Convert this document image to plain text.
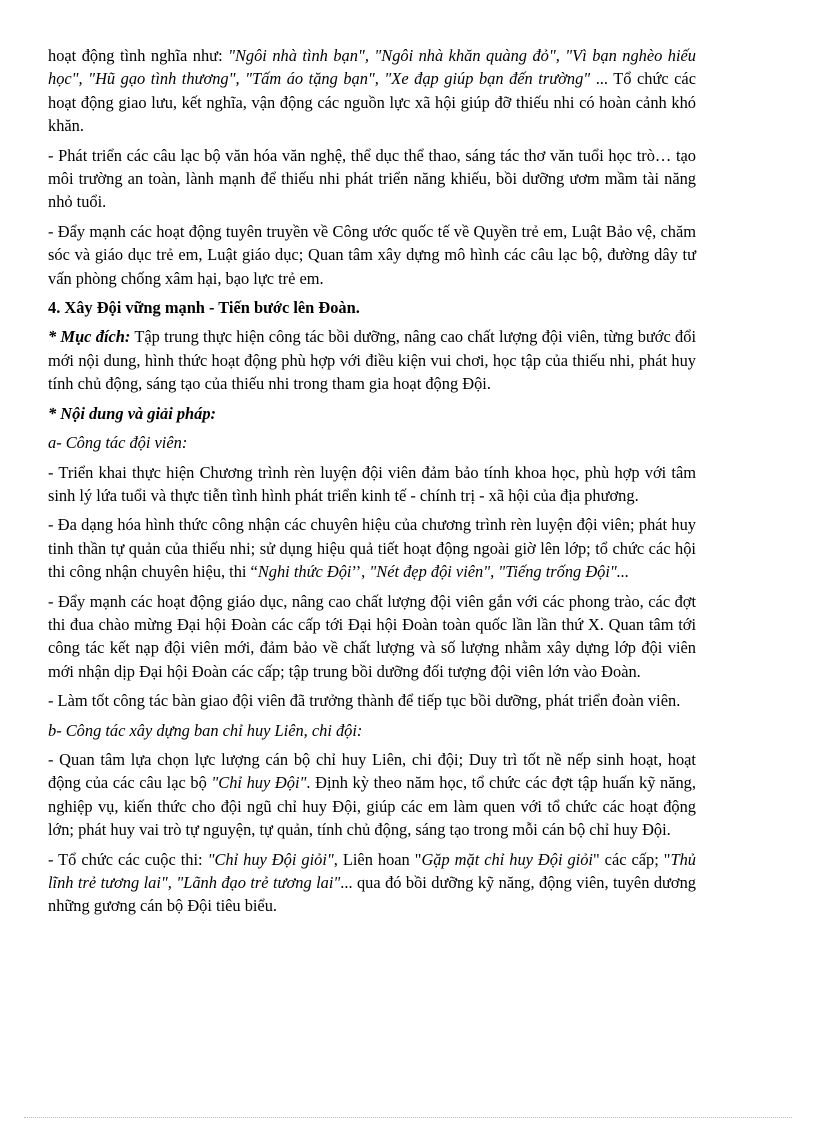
hoạt động tình nghĩa như: "Ngôi nhà tình bạn", "Ngôi nhà khăn quàng đỏ", "Vì bạn nghèo hiếu học", "Hũ gạo tình thương", "Tấm áo tặng bạn", "Xe đạp giúp bạn đến trường" ... Tổ chức các hoạt động giao lưu, kết nghĩa, vận động các nguồn lực xã hội giúp đỡ thiếu nhi có hoàn cảnh khó khăn.

- Phát triển các câu lạc bộ văn hóa văn nghệ, thể dục thể thao, sáng tác thơ văn tuổi học trò… tạo môi trường an toàn, lành mạnh để thiếu nhi phát triển năng khiếu, bồi dưỡng ươm mầm tài năng nhỏ tuổi.

- Đẩy mạnh các hoạt động tuyên truyền về Công ước quốc tế về Quyền trẻ em, Luật Bảo vệ, chăm sóc và giáo dục trẻ em, Luật giáo dục; Quan tâm xây dựng mô hình các câu lạc bộ, đường dây tư vấn phòng chống xâm hại, bạo lực trẻ em.

4. Xây Đội vững mạnh - Tiến bước lên Đoàn.

* Mục đích: Tập trung thực hiện công tác bồi dưỡng, nâng cao chất lượng đội viên, từng bước đổi mới nội dung, hình thức hoạt động phù hợp với điều kiện vui chơi, học tập của thiếu nhi, phát huy tính chủ động, sáng tạo của thiếu nhi trong tham gia hoạt động Đội.

* Nội dung và giải pháp:

a- Công tác đội viên:

- Triển khai thực hiện Chương trình rèn luyện đội viên đảm bảo tính khoa học, phù hợp với tâm sinh lý lứa tuổi và thực tiễn tình hình phát triển kinh tế - chính trị - xã hội của địa phương.

- Đa dạng hóa hình thức công nhận các chuyên hiệu của chương trình rèn luyện đội viên; phát huy tinh thần tự quản của thiếu nhi; sử dụng hiệu quả tiết hoạt động ngoài giờ lên lớp; tổ chức các hội thi công nhận chuyên hiệu, thi “Nghi thức Đội’’, "Nét đẹp đội viên", "Tiếng trống Đội"...

- Đẩy mạnh các hoạt động giáo dục, nâng cao chất lượng đội viên gắn với các phong trào, các đợt thi đua chào mừng Đại hội Đoàn các cấp tới Đại hội Đoàn toàn quốc lần lần thứ X. Quan tâm tới công tác kết nạp đội viên mới, đảm bảo về chất lượng và số lượng nhằm xây dựng lớp đội viên mới nhận dịp Đại hội Đoàn các cấp; tập trung bồi dưỡng đối tượng đội viên lớn vào Đoàn.

- Làm tốt công tác bàn giao đội viên đã trưởng thành để tiếp tục bồi dưỡng, phát triển đoàn viên.

b- Công tác xây dựng ban chỉ huy Liên, chi đội:

- Quan tâm lựa chọn lực lượng cán bộ chỉ huy Liên, chi đội; Duy trì tốt nề nếp sinh hoạt, hoạt động của các câu lạc bộ "Chỉ huy Đội". Định kỳ theo năm học, tổ chức các đợt tập huấn kỹ năng, nghiệp vụ, kiến thức cho đội ngũ chỉ huy Đội, giúp các em làm quen với tổ chức các hoạt động lớn; phát huy vai trò tự nguyện, tự quản, tính chủ động, sáng tạo trong mỗi cán bộ chỉ huy Đội.

- Tổ chức các cuộc thi: "Chỉ huy Đội giỏi", Liên hoan "Gặp mặt chỉ huy Đội giỏi" các cấp; "Thủ lĩnh trẻ tương lai", "Lãnh đạo trẻ tương lai"... qua đó bồi dưỡng kỹ năng, động viên, tuyên dương những gương cán bộ Đội tiêu biểu.
